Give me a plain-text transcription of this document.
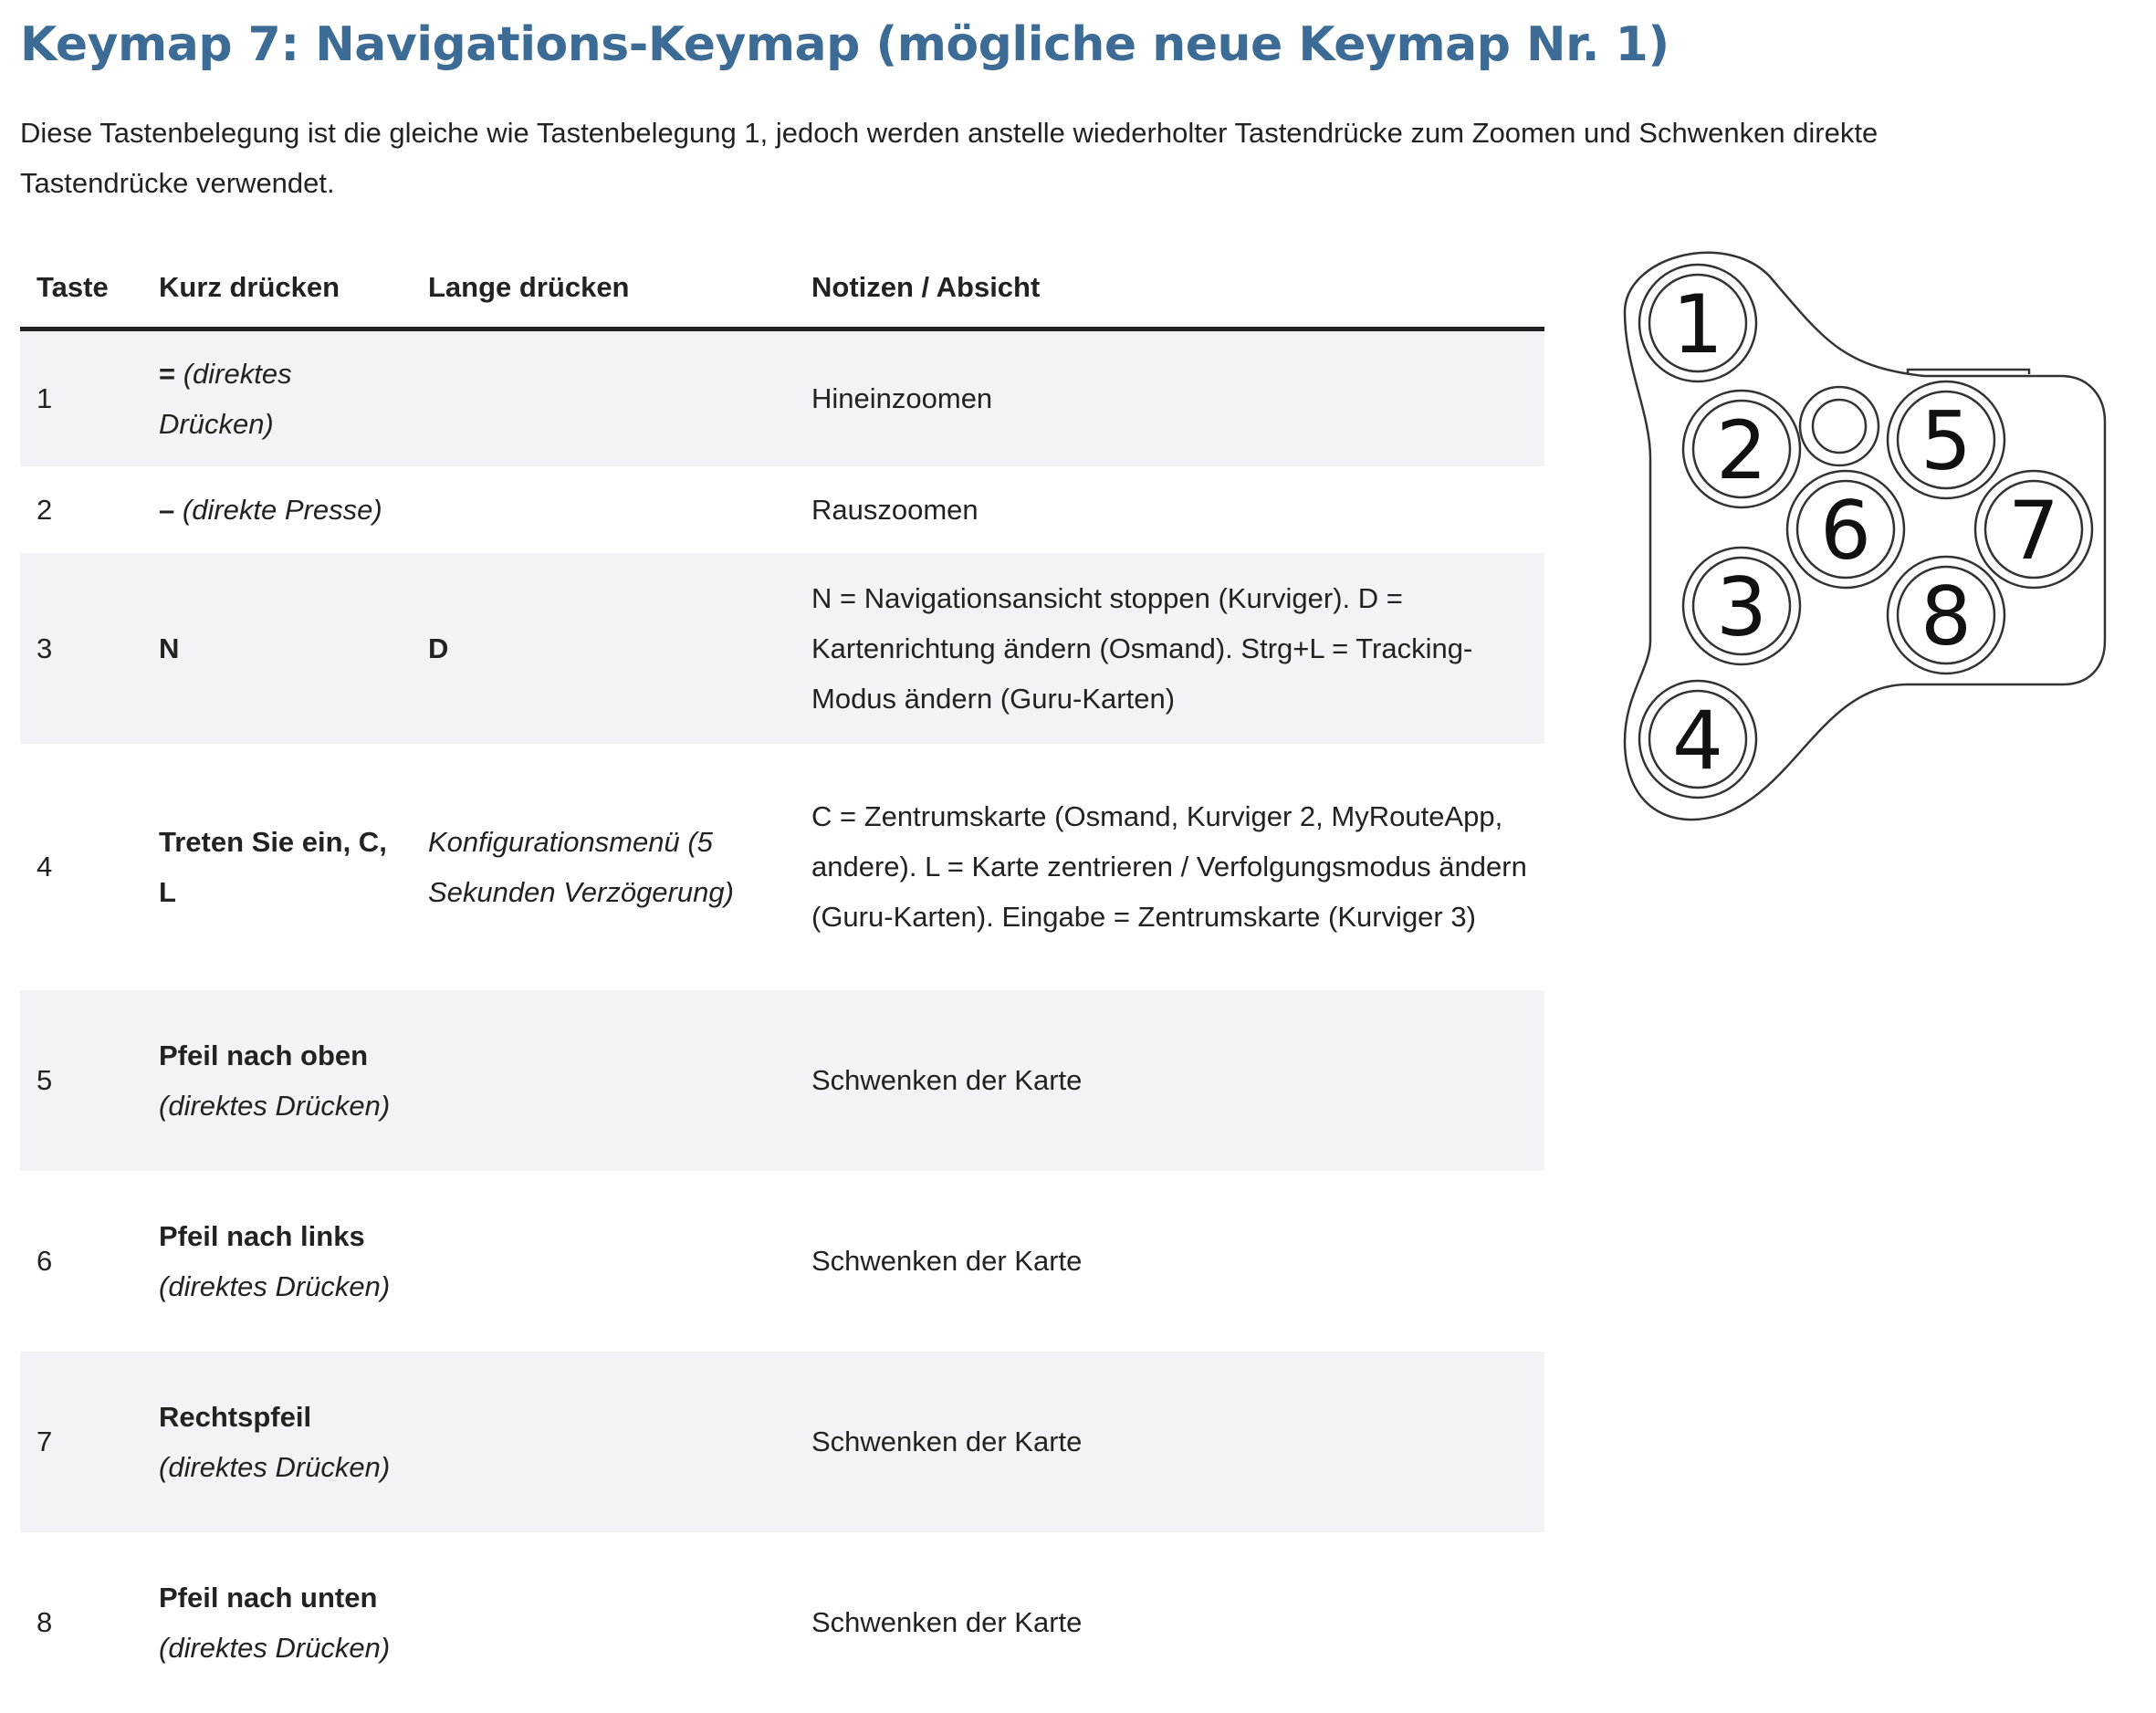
Keymap 7: Navigations-Keymap (mögliche neue Keymap Nr. 1)

Diese Tastenbelegung ist die gleiche wie Tastenbelegung 1, jedoch werden anstelle wiederholter Tastendrücke zum Zoomen und Schwenken direkte Tastendrücke verwendet.

Taste	Kurz drücken	Lange drücken	Notizen / Absicht
1	= (direktes Drücken)		Hineinzoomen
2	– (direkte Presse)		Rauszoomen
3	N	D	N = Navigationsansicht stoppen (Kurviger). D = Kartenrichtung ändern (Osmand). Strg+L = Tracking-Modus ändern (Guru-Karten)
4	Treten Sie ein, C, L	Konfigurationsmenü (5 Sekunden Verzögerung)	C = Zentrumskarte (Osmand, Kurviger 2, MyRouteApp, andere). L = Karte zentrieren / Verfolgungsmodus ändern (Guru-Karten). Eingabe = Zentrumskarte (Kurviger 3)
5	Pfeil nach oben (direktes Drücken)		Schwenken der Karte
6	Pfeil nach links (direktes Drücken)		Schwenken der Karte
7	Rechtspfeil (direktes Drücken)		Schwenken der Karte
8	Pfeil nach unten (direktes Drücken)		Schwenken der Karte
1
2
3
4
5
6 7
8
